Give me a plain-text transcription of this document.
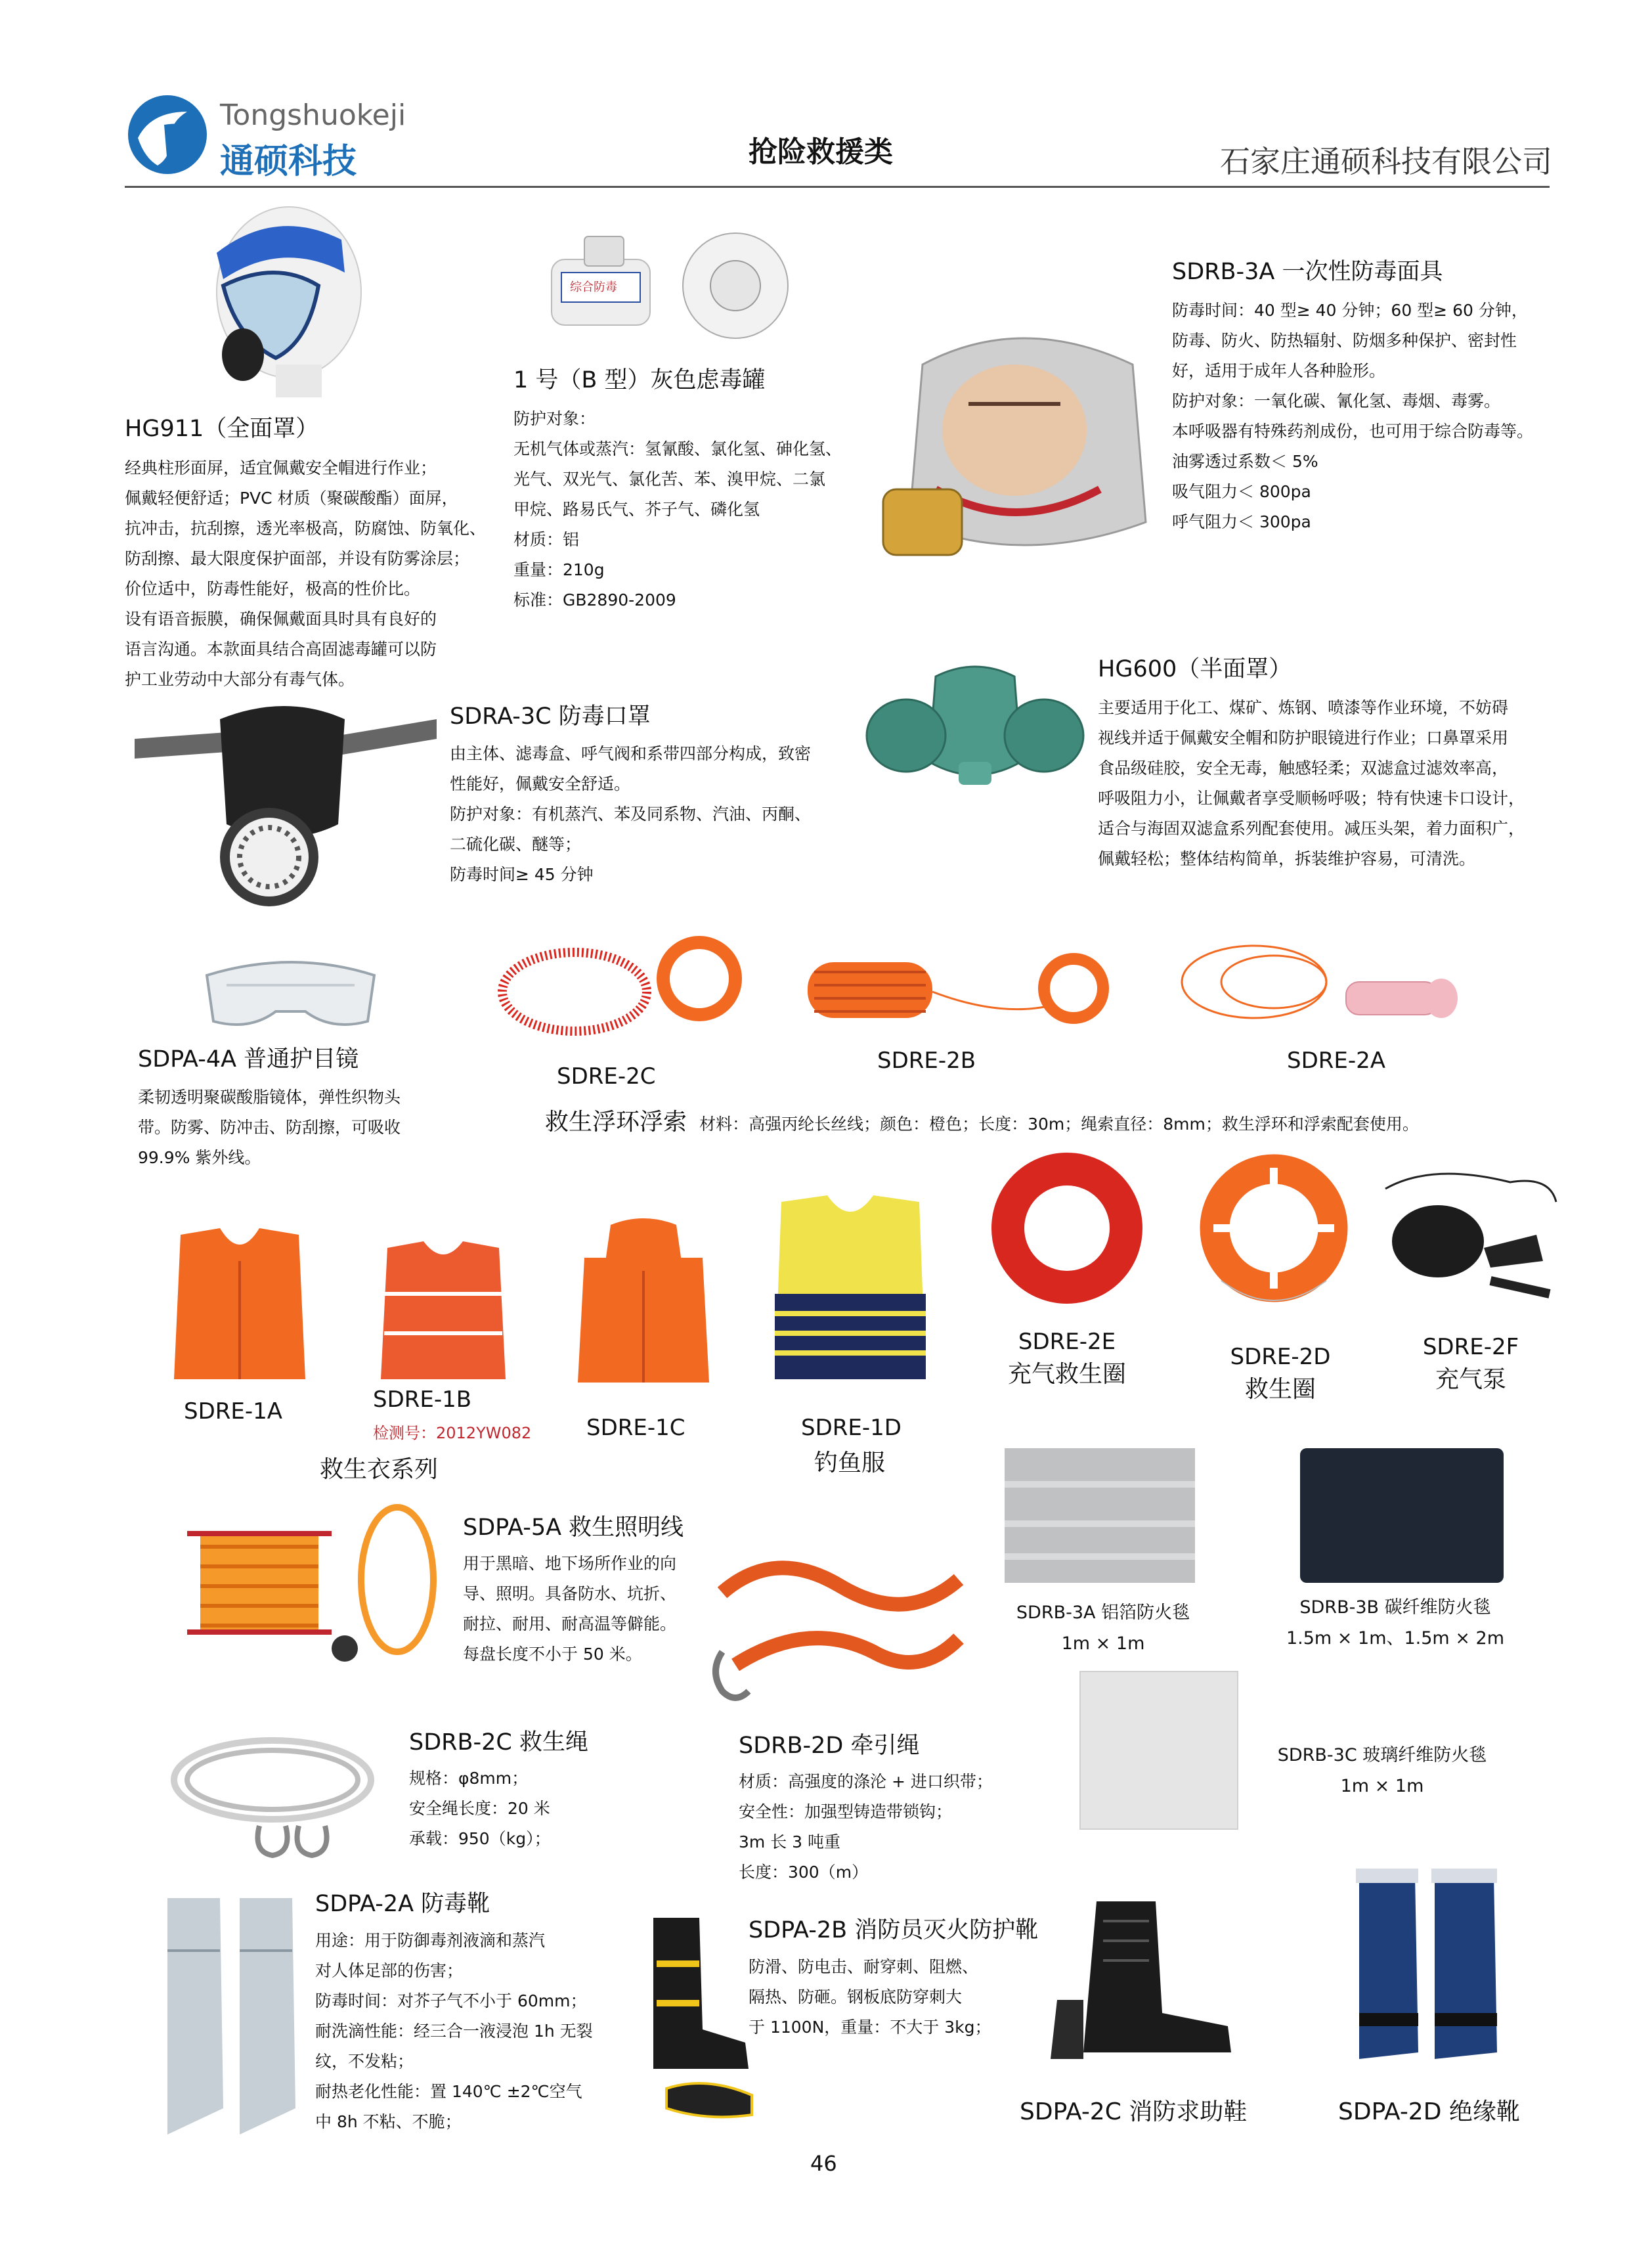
Tongshuokeji
通硕科技	抢险救援类	石家庄通硕科技有限公司
HG911（全面罩）
经典柱形面屏，适宜佩戴安全帽进行作业；
佩戴轻便舒适；PVC 材质（聚碳酸酯）面屏，
抗冲击，抗刮擦，透光率极高，防腐蚀、防氧化、
防刮擦、最大限度保护面部，并设有防雾涂层；
价位适中，防毒性能好，极高的性价比。
设有语音振膜，确保佩戴面具时具有良好的
语言沟通。本款面具结合高固滤毒罐可以防
护工业劳动中大部分有毒气体。
综合防毒
1 号（B 型）灰色虑毒罐
防护对象：
无机气体或蒸汽：氢氰酸、氯化氢、砷化氢、
光气、双光气、氯化苦、苯、溴甲烷、二氯
甲烷、路易氏气、芥子气、磷化氢
材质：铝
重量：210g
标准：GB2890-2009
SDRB-3A 一次性防毒面具
防毒时间：40 型≥ 40 分钟；60 型≥ 60 分钟，
防毒、防火、防热辐射、防烟多种保护、密封性
好，适用于成年人各种脸形。
防护对象：一氧化碳、氰化氢、毒烟、毒雾。
本呼吸器有特殊药剂成份，也可用于综合防毒等。
油雾透过系数＜ 5%
吸气阻力＜ 800pa
呼气阻力＜ 300pa
SDRA-3C 防毒口罩
由主体、滤毒盒、呼气阀和系带四部分构成，致密
性能好，佩戴安全舒适。
防护对象：有机蒸汽、苯及同系物、汽油、丙酮、
二硫化碳、醚等；
防毒时间≥ 45 分钟
HG600（半面罩）
主要适用于化工、煤矿、炼钢、喷漆等作业环境，不妨碍
视线并适于佩戴安全帽和防护眼镜进行作业；口鼻罩采用
食品级硅胶，安全无毒，触感轻柔；双滤盒过滤效率高，
呼吸阻力小，让佩戴者享受顺畅呼吸；特有快速卡口设计，
适合与海固双滤盒系列配套使用。减压头架，着力面积广，
佩戴轻松；整体结构简单，拆装维护容易，可清洗。
SDPA-4A 普通护目镜
柔韧透明聚碳酸脂镜体，弹性织物头
带。防雾、防冲击、防刮擦，可吸收
99.9% 紫外线。
SDRE-2C
SDRE-2B	SDRE-2A
救生浮环浮索 材料：高强丙纶长丝线；颜色：橙色；长度：30m；绳索直径：8mm；救生浮环和浮索配套使用。
SDRE-1A	SDRE-1B
检测号：2012YW082 SDRE-1C	SDRE-1D
钓鱼服
救生衣系列
SDRE-2E
充气救生圈
SDRE-2D
救生圈
SDRE-2F
充气泵
SDPA-5A 救生照明线
用于黑暗、地下场所作业的向
导、照明。具备防水、坑折、
耐拉、耐用、耐高温等僻能。
每盘长度不小于 50 米。
SDRB-3A 铝箔防火毯
1m × 1m
SDRB-3B 碳纤维防火毯
1.5m × 1m、1.5m × 2m
SDRB-3C 玻璃纤维防火毯
1m × 1m
SDRB-2C 救生绳
规格：φ8mm；
安全绳长度：20 米
承载：950（kg）；
SDRB-2D 牵引绳
材质：高强度的涤沦 + 进口织带；
安全性：加强型铸造带锁钩；
3m 长 3 吨重
长度：300（m）
SDPA-2A 防毒靴
用途：用于防御毒剂液滴和蒸汽
对人体足部的伤害；
防毒时间：对芥子气不小于 60mm；
耐洗滴性能：经三合一液浸泡 1h 无裂
纹，不发粘；
耐热老化性能：置 140℃ ±2℃空气
中 8h 不粘、不脆；
SDPA-2B 消防员灭火防护靴
防滑、防电击、耐穿刺、阻燃、
隔热、防砸。钢板底防穿刺大
于 1100N，重量：不大于 3kg；
SDPA-2C 消防求助鞋	SDPA-2D 绝缘靴
46
